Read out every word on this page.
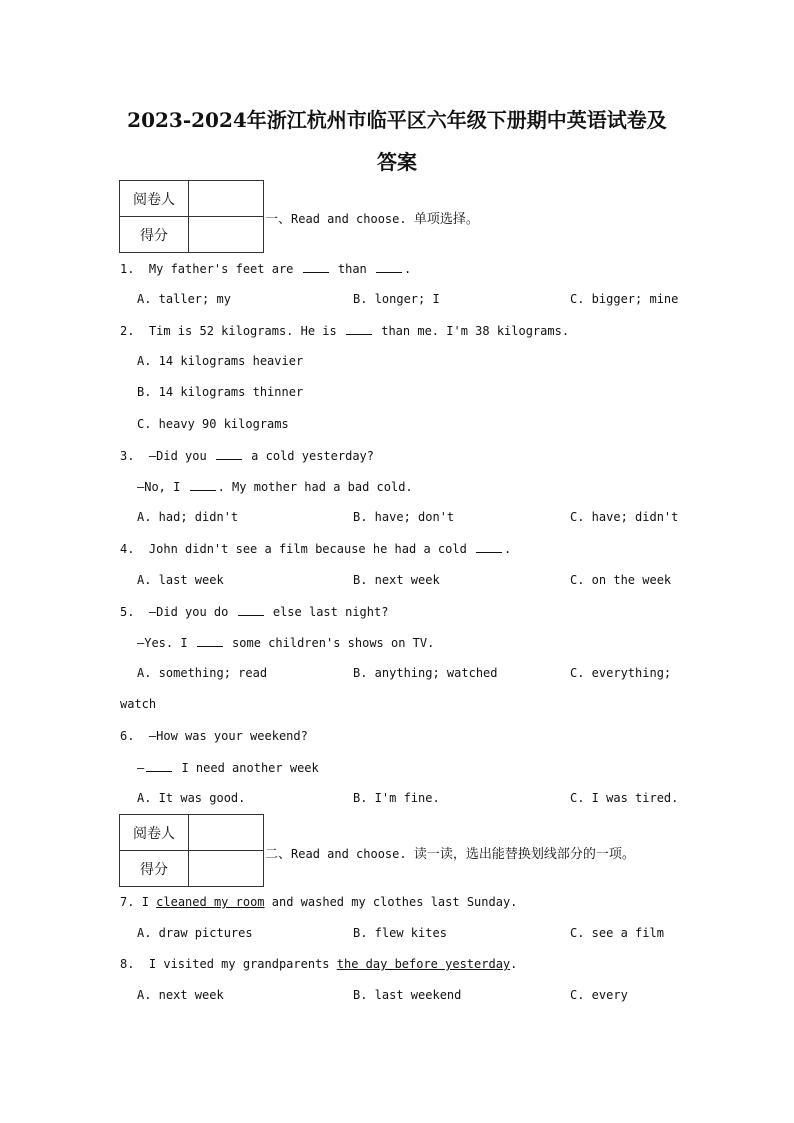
2023-2024年浙江杭州市临平区六年级下册期中英语试卷及
答案
阅卷人	
得分	
一、Read and choose. 单项选择。
1. My father's feet are	than	.
A. taller; my	B. longer; I	C. bigger; mine
2. Tim is 52 kilograms. He is	than me. I'm 38 kilograms.
A. 14 kilograms heavier
B. 14 kilograms thinner
C. heavy 90 kilograms
3. —Did you	a cold yesterday?
—No, I	. My mother had a bad cold.
A. had; didn't	B. have; don't	C. have; didn't
4. John didn't see a film because he had a cold	.
A. last week	B. next week	C. on the week
5. —Did you do	else last night?
—Yes. I	some children's shows on TV.
A. something; read	B. anything; watched	C. everything;
watch
6. —How was your weekend?
—	I need another week
A. It was good.	B. I'm fine.	C. I was tired.
阅卷人	
得分	
二、Read and choose. 读一读，选出能替换划线部分的一项。
7. I cleaned my room and washed my clothes last Sunday.
A. draw pictures	B. flew kites	C. see a film
8. I visited my grandparents the day before yesterday.
A. next week	B. last weekend	C. every
